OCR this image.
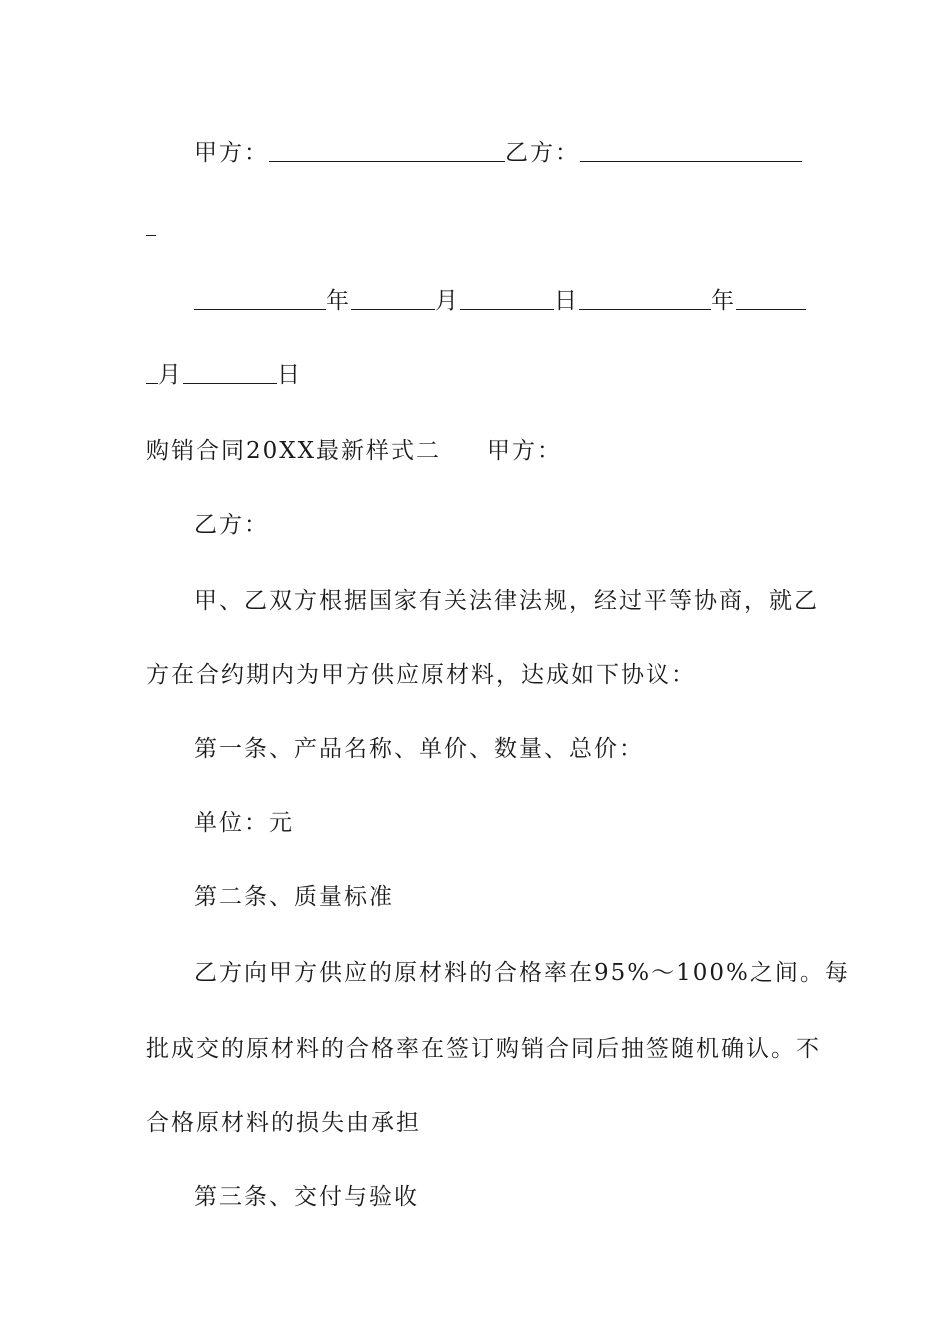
甲方：	乙方：
年	月	日	年
月	日
购销合同20XX最新样式二 甲方：
乙方：
甲、乙双方根据国家有关法律法规，经过平等协商，就乙
方在合约期内为甲方供应原材料，达成如下协议：
第一条、产品名称、单价、数量、总价：
单位：元
第二条、质量标准
乙方向甲方供应的原材料的合格率在95%～100%之间。每
批成交的原材料的合格率在签订购销合同后抽签随机确认。不
合格原材料的损失由承担
第三条、交付与验收
